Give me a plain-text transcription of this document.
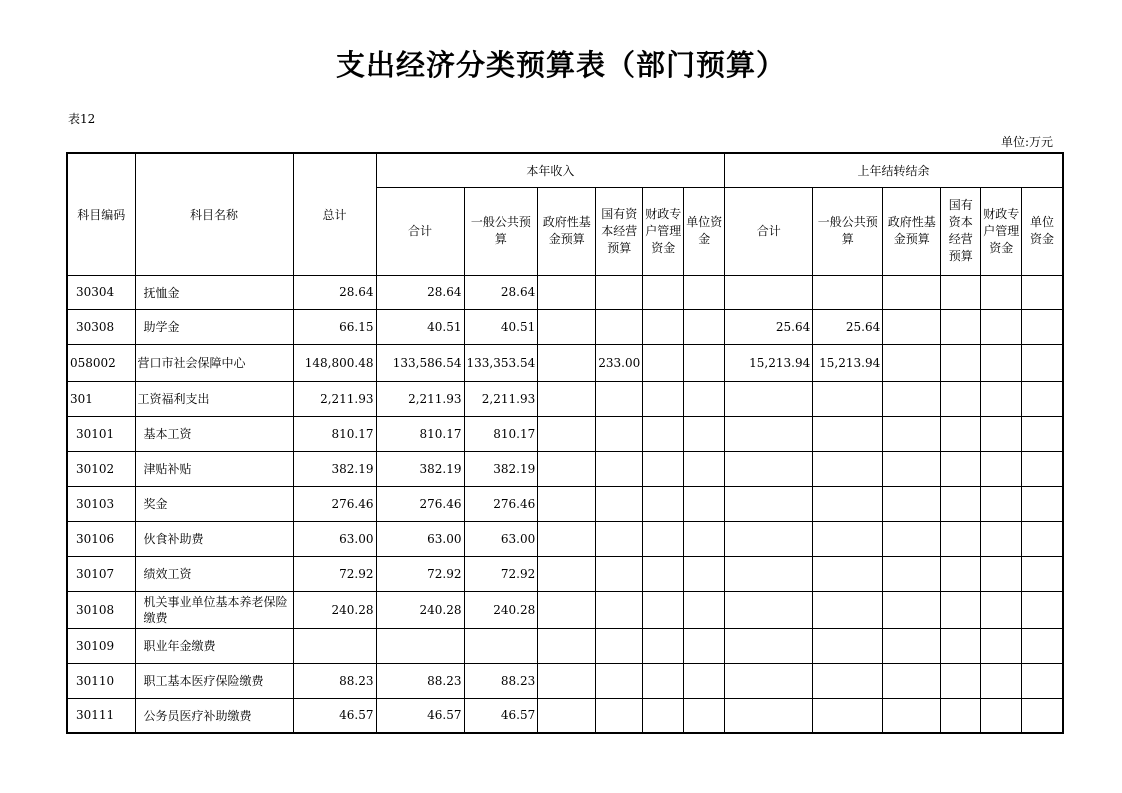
支出经济分类预算表（部门预算）
表12
单位:万元
科目编码	科目名称	总计	本年收入						上年结转结余					
			合计	一般公共预算	政府性基金预算	国有资本经营预算	财政专户管理资金	单位资金	合计	一般公共预算	政府性基金预算	国有资本经营预算	财政专户管理资金	单位资金
30304	抚恤金	28.64	28.64	28.64										
30308	助学金	66.15	40.51	40.51					25.64	25.64				
058002	营口市社会保障中心	148,800.48	133,586.54	133,353.54		233.00			15,213.94	15,213.94				
301	工资福利支出	2,211.93	2,211.93	2,211.93										
30101	基本工资	810.17	810.17	810.17										
30102	津贴补贴	382.19	382.19	382.19										
30103	奖金	276.46	276.46	276.46										
30106	伙食补助费	63.00	63.00	63.00										
30107	绩效工资	72.92	72.92	72.92										
30108	机关事业单位基本养老保险缴费	240.28	240.28	240.28										
30109	职业年金缴费													
30110	职工基本医疗保险缴费	88.23	88.23	88.23										
30111	公务员医疗补助缴费	46.57	46.57	46.57										
